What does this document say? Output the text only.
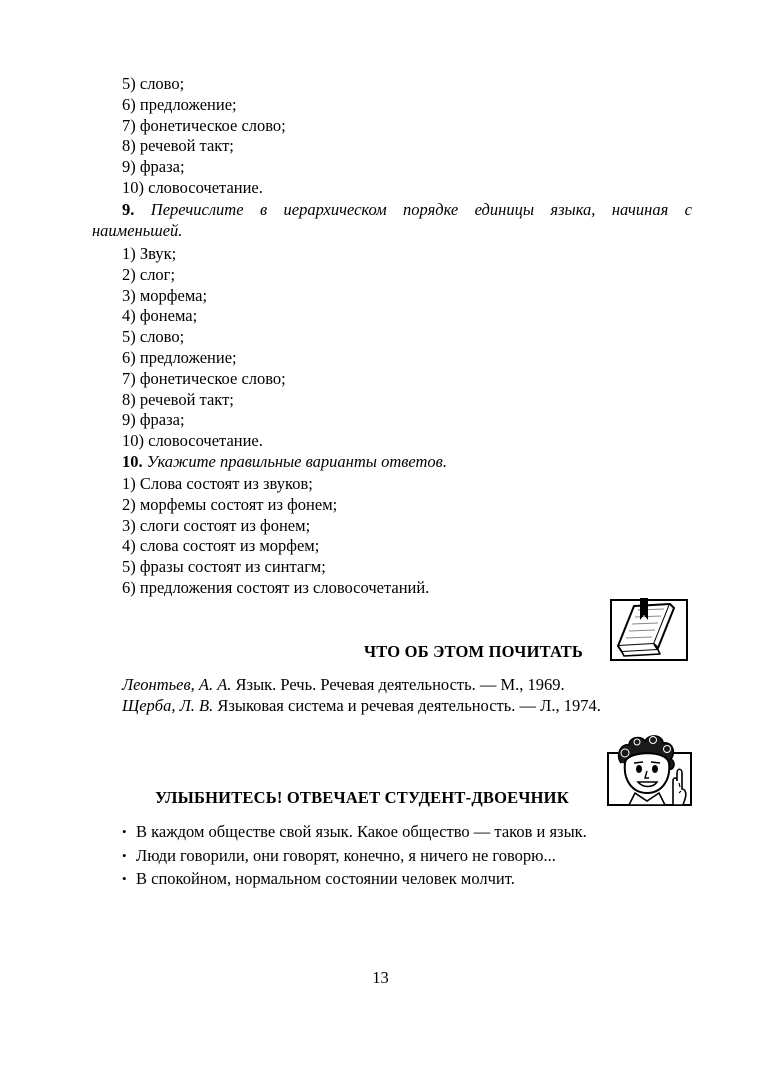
5) слово;
6) предложение;
7) фонетическое слово;
8) речевой такт;
9) фраза;
10) словосочетание.
9. Перечислите в иерархическом порядке единицы языка, начиная с
наименьшей.
1) Звук;
2) слог;
3) морфема;
4) фонема;
5) слово;
6) предложение;
7) фонетическое слово;
8) речевой такт;
9) фраза;
10) словосочетание.
10. Укажите правильные варианты ответов.
1) Слова состоят из звуков;
2) морфемы состоят из фонем;
3) слоги состоят из фонем;
4) слова состоят из морфем;
5) фразы состоят из синтагм;
6) предложения состоят из словосочетаний.
ЧТО ОБ ЭТОМ ПОЧИТАТЬ

Леонтьев, А. А. Язык. Речь. Речевая деятельность. — М., 1969.

Щерба, Л. В. Языковая система и речевая деятельность. — Л., 1974.

УЛЫБНИТЕСЬ! ОТВЕЧАЕТ СТУДЕНТ-ДВОЕЧНИК
• В каждом обществе свой язык. Какое общество — таков и язык.
• Люди говорили, они говорят, конечно, я ничего не говорю...
• В спокойном, нормальном состоянии человек молчит.
13
